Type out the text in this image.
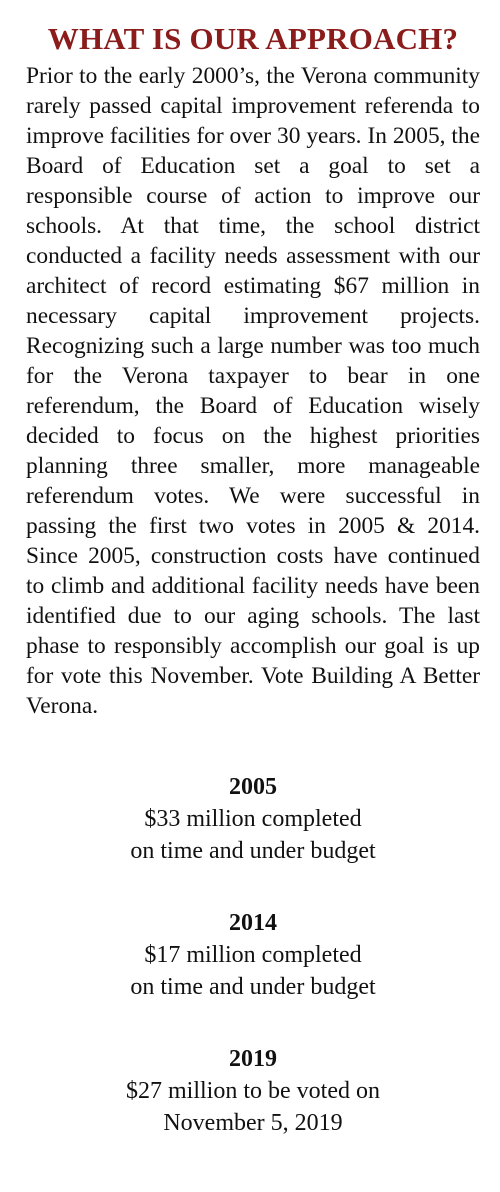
WHAT IS OUR APPROACH?

Prior to the early 2000’s, the Verona community rarely passed capital improvement referenda to improve facilities for over 30 years. In 2005, the Board of Education set a goal to set a responsible course of action to improve our schools. At that time, the school district conducted a facility needs assessment with our architect of record estimating $67 million in necessary capital improvement projects. Recognizing such a large number was too much for the Verona taxpayer to bear in one referendum, the Board of Education wisely decided to focus on the highest priorities planning three smaller, more manageable referendum votes. We were successful in passing the first two votes in 2005 & 2014. Since 2005, construction costs have continued to climb and additional facility needs have been identified due to our aging schools. The last phase to responsibly accomplish our goal is up for vote this November. Vote Building A Better Verona.

2005
$33 million completed
on time and under budget
2014
$17 million completed
on time and under budget
2019
$27 million to be voted on
November 5, 2019
